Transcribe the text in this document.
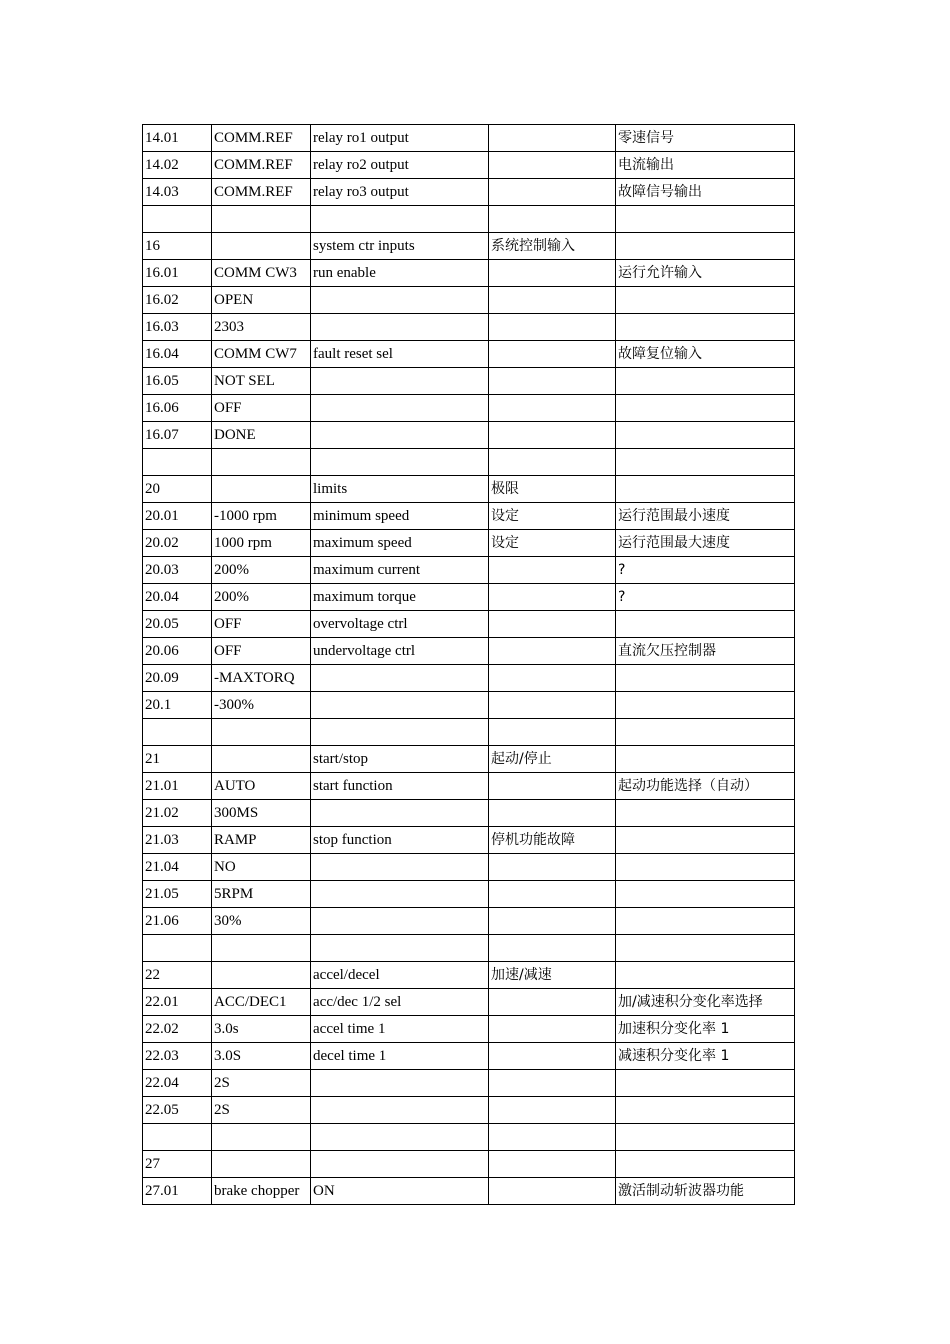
14.01	COMM.REF	relay ro1 output		零速信号
14.02	COMM.REF	relay ro2 output		电流输出
14.03	COMM.REF	relay ro3 output		故障信号输出

16		system ctr inputs	系统控制输入	
16.01	COMM CW3	run enable		运行允许输入
16.02	OPEN			
16.03	2303			
16.04	COMM CW7	fault reset sel		故障复位输入
16.05	NOT SEL			
16.06	OFF			
16.07	DONE			

20		limits	极限	
20.01	-1000 rpm	minimum speed	设定	运行范围最小速度
20.02	1000 rpm	maximum speed	设定	运行范围最大速度
20.03	200%	maximum current		?
20.04	200%	maximum torque		?
20.05	OFF	overvoltage ctrl		
20.06	OFF	undervoltage ctrl		直流欠压控制器
20.09	-MAXTORQ			
20.1	-300%			

21		start/stop	起动/停止	
21.01	AUTO	start function		起动功能选择（自动）
21.02	300MS			
21.03	RAMP	stop function	停机功能故障	
21.04	NO			
21.05	5RPM			
21.06	30%			

22		accel/decel	加速/减速	
22.01	ACC/DEC1	acc/dec 1/2 sel		加/减速积分变化率选择
22.02	3.0s	accel time 1		加速积分变化率 1
22.03	3.0S	decel time 1		减速积分变化率 1
22.04	2S			
22.05	2S			

27				
27.01	brake chopper	ON		激活制动斩波器功能
